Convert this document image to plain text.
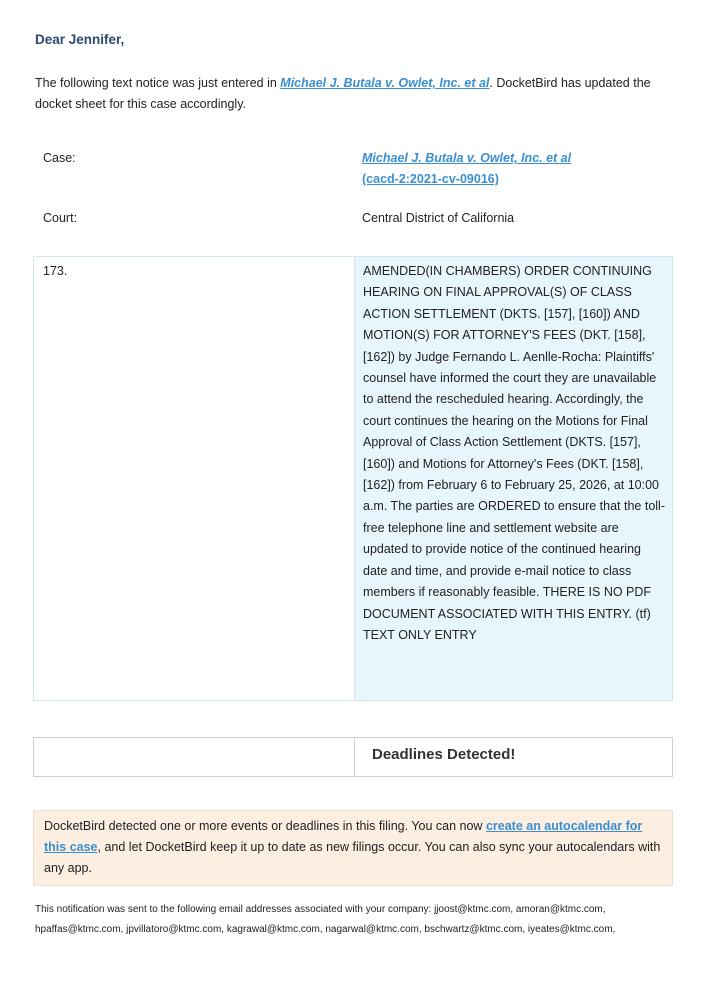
Dear Jennifer,
The following text notice was just entered in Michael J. Butala v. Owlet, Inc. et al. DocketBird has updated the docket sheet for this case accordingly.
Case:	Michael J. Butala v. Owlet, Inc. et al
(cacd-2:2021-cv-09016)
Court:	Central District of California
173.	AMENDED(IN CHAMBERS) ORDER CONTINUING HEARING ON FINAL APPROVAL(S) OF CLASS ACTION SETTLEMENT (DKTS. [157], [160]) AND MOTION(S) FOR ATTORNEY'S FEES (DKT. [158], [162]) by Judge Fernando L. Aenlle-Rocha: Plaintiffs' counsel have informed the court they are unavailable to attend the rescheduled hearing. Accordingly, the court continues the hearing on the Motions for Final Approval of Class Action Settlement (DKTS. [157], [160]) and Motions for Attorney's Fees (DKT. [158], [162]) from February 6 to February 25, 2026, at 10:00 a.m. The parties are ORDERED to ensure that the toll-free telephone line and settlement website are updated to provide notice of the continued hearing date and time, and provide e-mail notice to class members if reasonably feasible. THERE IS NO PDF DOCUMENT ASSOCIATED WITH THIS ENTRY. (tf) TEXT ONLY ENTRY
Deadlines Detected!
DocketBird detected one or more events or deadlines in this filing. You can now create an autocalendar for this case, and let DocketBird keep it up to date as new filings occur. You can also sync your autocalendars with any app.
This notification was sent to the following email addresses associated with your company: jjoost@ktmc.com, amoran@ktmc.com,
hpaffas@ktmc.com, jpvillatoro@ktmc.com, kagrawal@ktmc.com, nagarwal@ktmc.com, bschwartz@ktmc.com, iyeates@ktmc.com,
